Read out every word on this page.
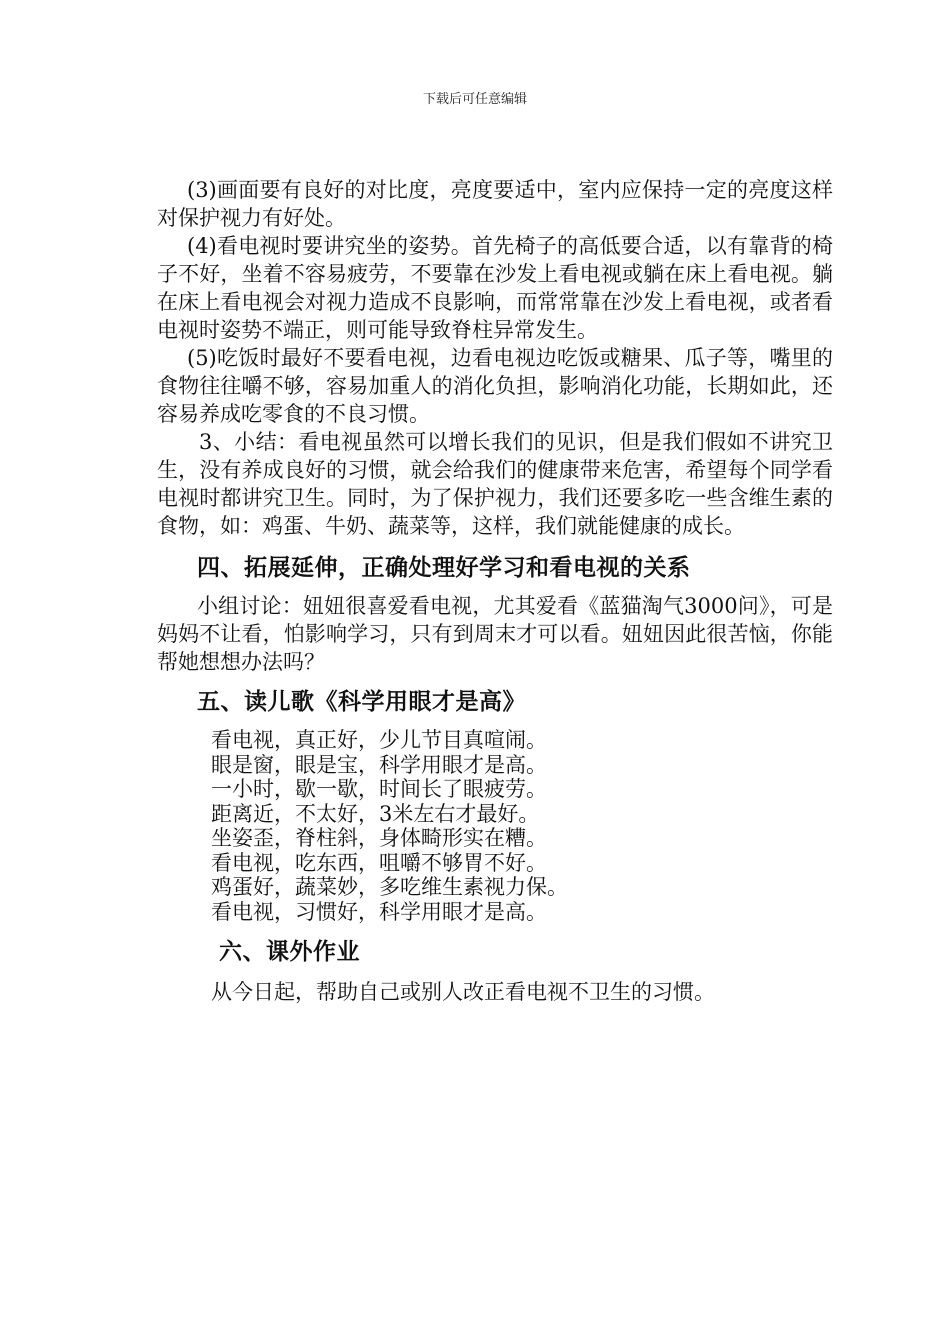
下载后可任意编辑

(3)画面要有良好的对比度，亮度要适中，室内应保持一定的亮度这样对保护视力有好处。

(4)看电视时要讲究坐的姿势。首先椅子的高低要合适，以有靠背的椅子不好，坐着不容易疲劳，不要靠在沙发上看电视或躺在床上看电视。躺在床上看电视会对视力造成不良影响，而常常靠在沙发上看电视，或者看电视时姿势不端正，则可能导致脊柱异常发生。

(5)吃饭时最好不要看电视，边看电视边吃饭或糖果、瓜子等，嘴里的食物往往嚼不够，容易加重人的消化负担，影响消化功能，长期如此，还容易养成吃零食的不良习惯。

3、小结：看电视虽然可以增长我们的见识，但是我们假如不讲究卫生，没有养成良好的习惯，就会给我们的健康带来危害，希望每个同学看电视时都讲究卫生。同时，为了保护视力，我们还要多吃一些含维生素的食物，如：鸡蛋、牛奶、蔬菜等，这样，我们就能健康的成长。

四、拓展延伸，正确处理好学习和看电视的关系

小组讨论：妞妞很喜爱看电视，尤其爱看《蓝猫淘气3000问》，可是妈妈不让看，怕影响学习，只有到周末才可以看。妞妞因此很苦恼，你能帮她想想办法吗？

五、读儿歌《科学用眼才是高》
看电视，真正好，少儿节目真喧闹。
眼是窗，眼是宝，科学用眼才是高。
一小时，歇一歇，时间长了眼疲劳。
距离近，不太好，3米左右才最好。
坐姿歪，脊柱斜，身体畸形实在糟。
看电视，吃东西，咀嚼不够胃不好。
鸡蛋好，蔬菜妙，多吃维生素视力保。
看电视，习惯好，科学用眼才是高。
六、课外作业

从今日起，帮助自己或别人改正看电视不卫生的习惯。
